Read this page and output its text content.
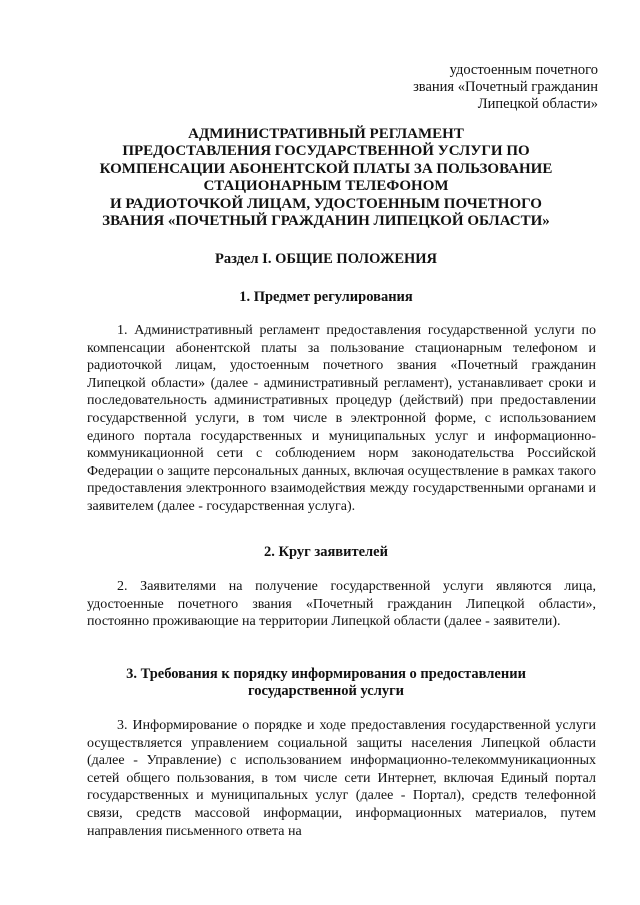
удостоенным почетного
звания «Почетный гражданин
Липецкой области»
АДМИНИСТРАТИВНЫЙ РЕГЛАМЕНТ
ПРЕДОСТАВЛЕНИЯ ГОСУДАРСТВЕННОЙ УСЛУГИ ПО
КОМПЕНСАЦИИ АБОНЕНТСКОЙ ПЛАТЫ ЗА ПОЛЬЗОВАНИЕ
СТАЦИОНАРНЫМ ТЕЛЕФОНОМ
И РАДИОТОЧКОЙ ЛИЦАМ, УДОСТОЕННЫМ ПОЧЕТНОГО
ЗВАНИЯ «ПОЧЕТНЫЙ ГРАЖДАНИН ЛИПЕЦКОЙ ОБЛАСТИ»
Раздел I. ОБЩИЕ ПОЛОЖЕНИЯ
1. Предмет регулирования
1. Административный регламент предоставления государственной услуги по компенсации абонентской платы за пользование стационарным телефоном и радиоточкой лицам, удостоенным почетного звания «Почетный гражданин Липецкой области» (далее - административный регламент), устанавливает сроки и последовательность административных процедур (действий) при предоставлении государственной услуги, в том числе в электронной форме, с использованием единого портала государственных и муниципальных услуг и информационно-коммуникационной сети с соблюдением норм законодательства Российской Федерации о защите персональных данных, включая осуществление в рамках такого предоставления электронного взаимодействия между государственными органами и заявителем (далее - государственная услуга).
2. Круг заявителей
2. Заявителями на получение государственной услуги являются лица, удостоенные почетного звания «Почетный гражданин Липецкой области», постоянно проживающие на территории Липецкой области (далее - заявители).
3. Требования к порядку информирования о предоставлении
государственной услуги
3. Информирование о порядке и ходе предоставления государственной услуги осуществляется управлением социальной защиты населения Липецкой области (далее - Управление) с использованием информационно-телекоммуникационных сетей общего пользования, в том числе сети Интернет, включая Единый портал государственных и муниципальных услуг (далее - Портал), средств телефонной связи, средств массовой информации, информационных материалов, путем направления письменного ответа на
